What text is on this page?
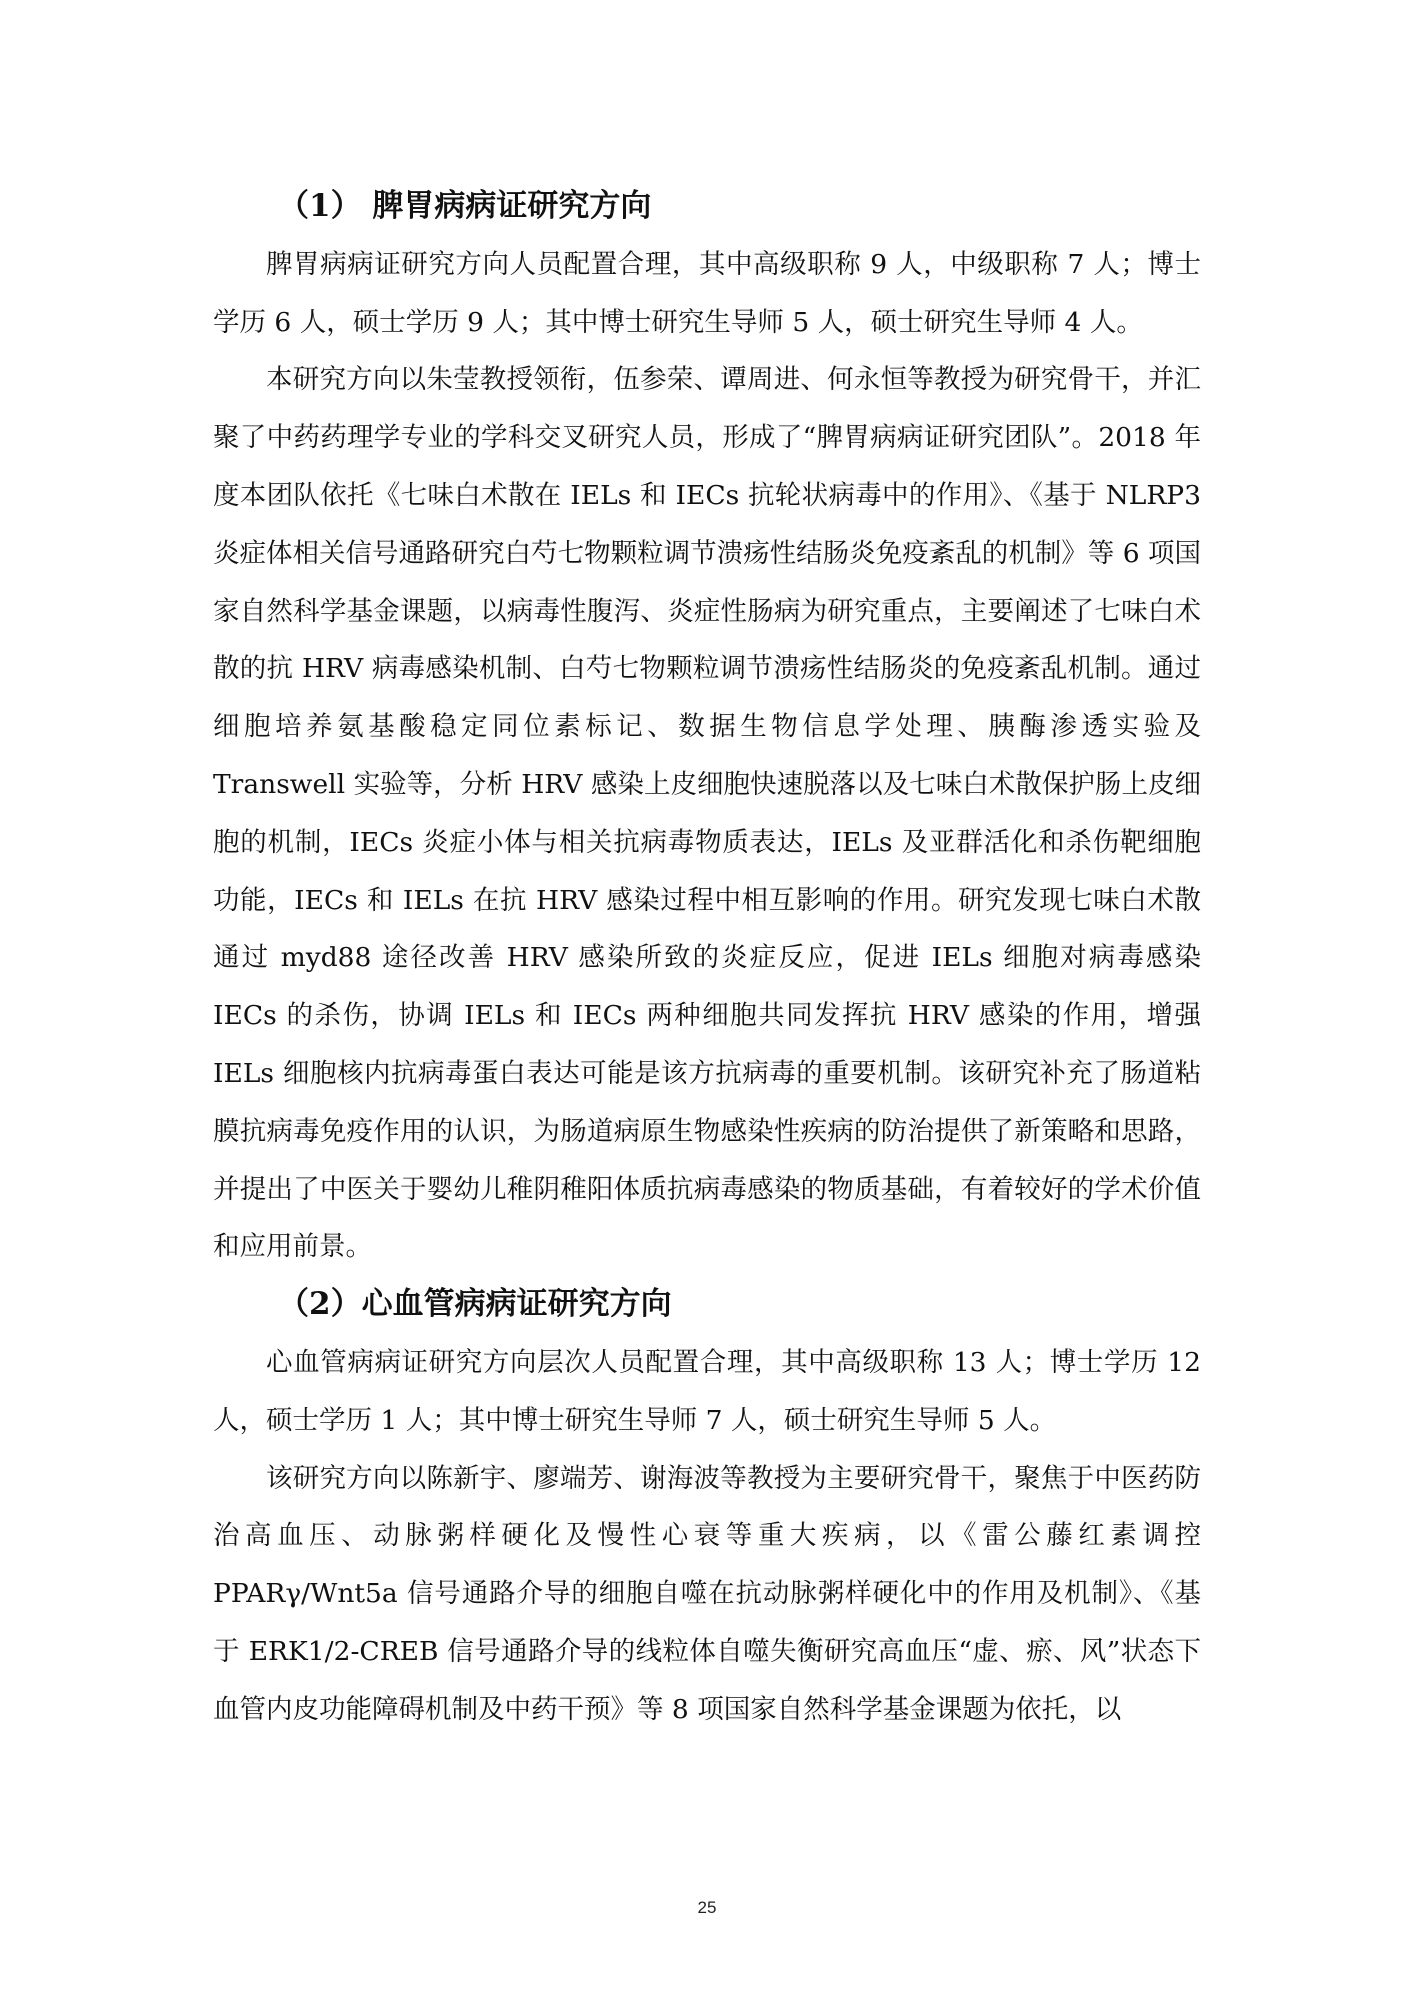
（1） 脾胃病病证研究方向

脾胃病病证研究方向人员配置合理，其中高级职称 9 人，中级职称 7 人；博士学历 6 人，硕士学历 9 人；其中博士研究生导师 5 人，硕士研究生导师 4 人。

本研究方向以朱莹教授领衔，伍参荣、谭周进、何永恒等教授为研究骨干，并汇聚了中药药理学专业的学科交叉研究人员，形成了“脾胃病病证研究团队”。2018 年度本团队依托《七味白术散在 IELs 和 IECs 抗轮状病毒中的作用》、《基于 NLRP3 炎症体相关信号通路研究白芍七物颗粒调节溃疡性结肠炎免疫紊乱的机制》等 6 项国家自然科学基金课题，以病毒性腹泻、炎症性肠病为研究重点，主要阐述了七味白术散的抗 HRV 病毒感染机制、白芍七物颗粒调节溃疡性结肠炎的免疫紊乱机制。通过细胞培养氨基酸稳定同位素标记、数据生物信息学处理、胰酶渗透实验及 Transwell 实验等，分析 HRV 感染上皮细胞快速脱落以及七味白术散保护肠上皮细胞的机制，IECs 炎症小体与相关抗病毒物质表达，IELs 及亚群活化和杀伤靶细胞功能，IECs 和 IELs 在抗 HRV 感染过程中相互影响的作用。研究发现七味白术散通过 myd88 途径改善 HRV 感染所致的炎症反应，促进 IELs 细胞对病毒感染 IECs 的杀伤，协调 IELs 和 IECs 两种细胞共同发挥抗 HRV 感染的作用，增强 IELs 细胞核内抗病毒蛋白表达可能是该方抗病毒的重要机制。该研究补充了肠道粘膜抗病毒免疫作用的认识，为肠道病原生物感染性疾病的防治提供了新策略和思路，并提出了中医关于婴幼儿稚阴稚阳体质抗病毒感染的物质基础，有着较好的学术价值和应用前景。

（2）心血管病病证研究方向

心血管病病证研究方向层次人员配置合理，其中高级职称 13 人；博士学历 12 人，硕士学历 1 人；其中博士研究生导师 7 人，硕士研究生导师 5 人。

该研究方向以陈新宇、廖端芳、谢海波等教授为主要研究骨干，聚焦于中医药防治高血压、动脉粥样硬化及慢性心衰等重大疾病，以《雷公藤红素调控 PPARγ/Wnt5a 信号通路介导的细胞自噬在抗动脉粥样硬化中的作用及机制》、《基于 ERK1/2-CREB 信号通路介导的线粒体自噬失衡研究高血压“虚、瘀、风”状态下血管内皮功能障碍机制及中药干预》等 8 项国家自然科学基金课题为依托，以

25
